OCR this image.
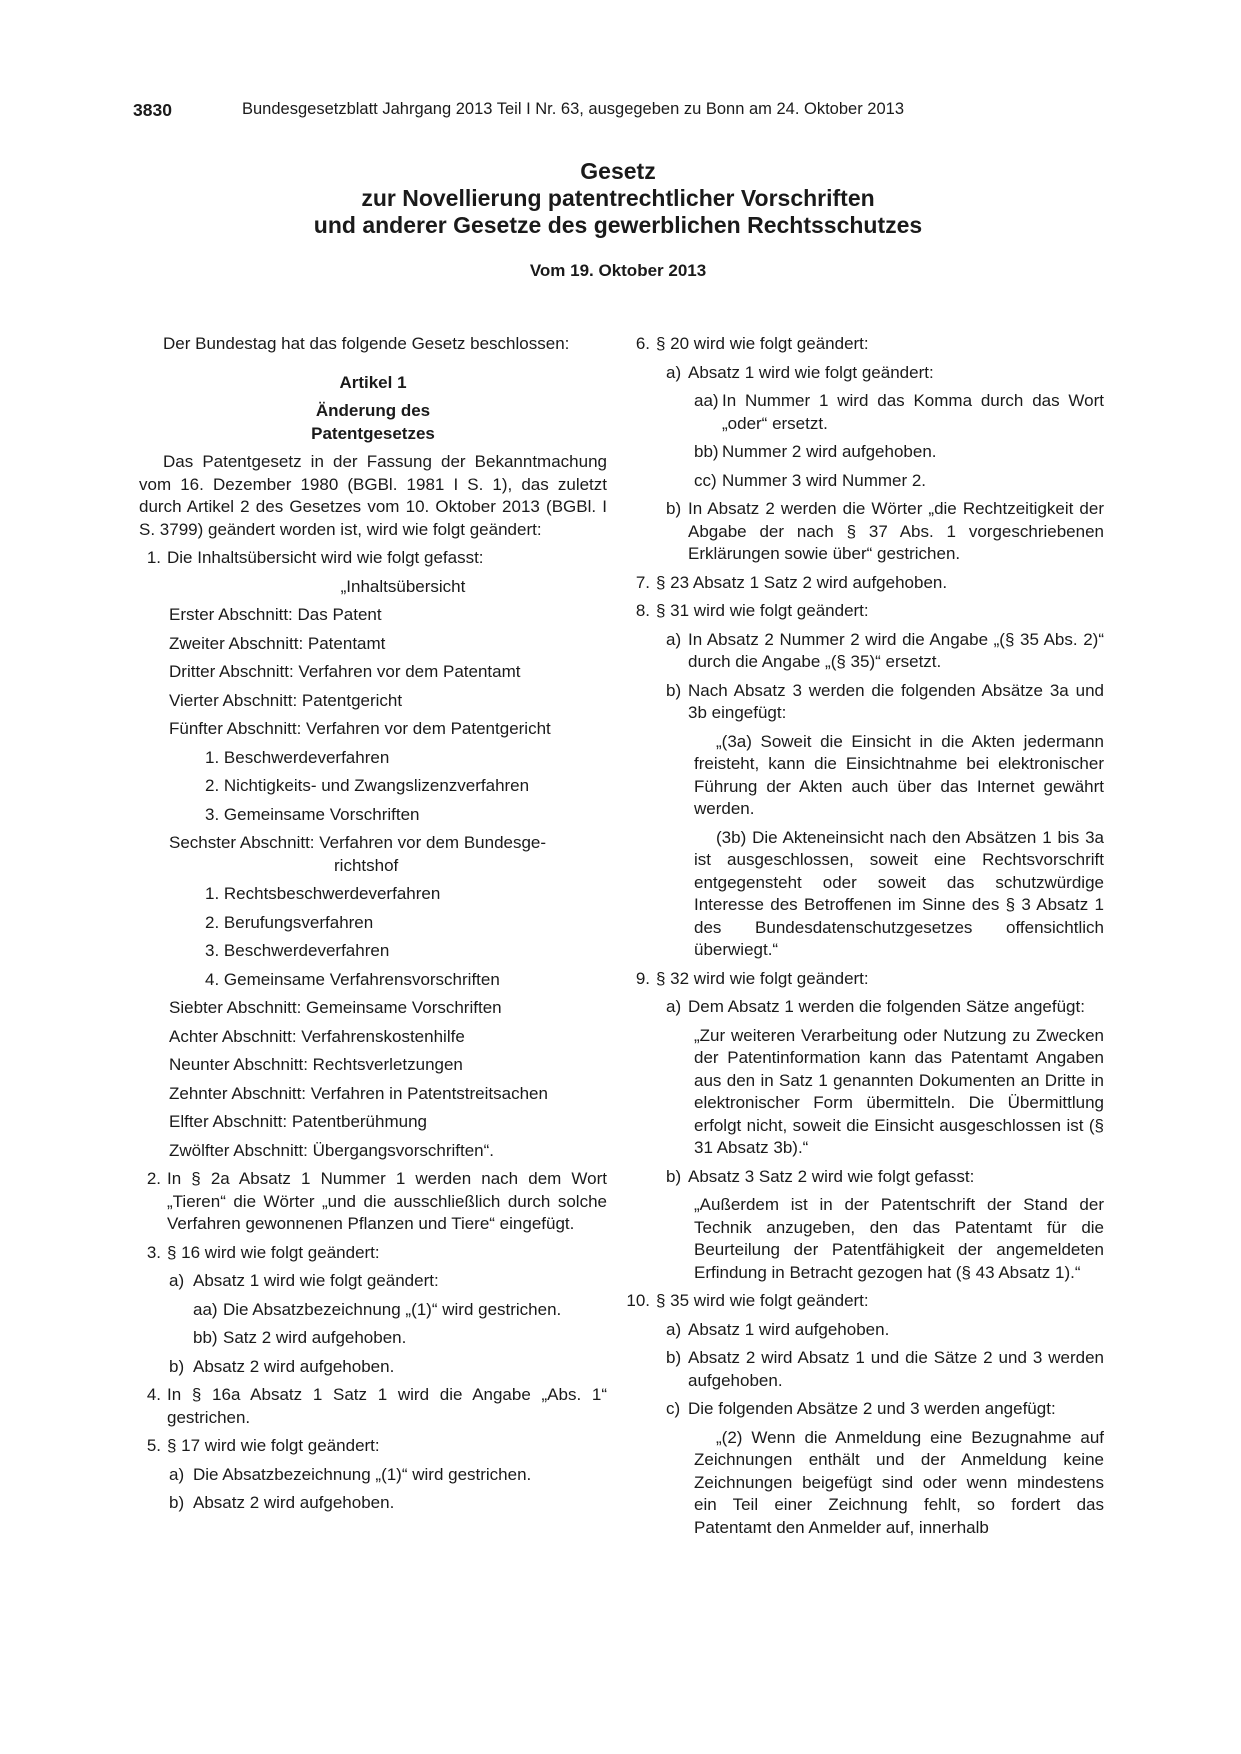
3830	Bundesgesetzblatt Jahrgang 2013 Teil I Nr. 63, ausgegeben zu Bonn am 24. Oktober 2013
Gesetz
zur Novellierung patentrechtlicher Vorschriften
und anderer Gesetze des gewerblichen Rechtsschutzes
Vom 19. Oktober 2013

Der Bundestag hat das folgende Gesetz beschlossen:

Artikel 1
Änderung des
Patentgesetzes

Das Patentgesetz in der Fassung der Bekanntmachung vom 16. Dezember 1980 (BGBl. 1981 I S. 1), das zuletzt durch Artikel 2 des Gesetzes vom 10. Oktober 2013 (BGBl. I S. 3799) geändert worden ist, wird wie folgt geändert:

1. Die Inhaltsübersicht wird wie folgt gefasst:
„Inhaltsübersicht
Erster Abschnitt: Das Patent
Zweiter Abschnitt: Patentamt
Dritter Abschnitt: Verfahren vor dem Patentamt
Vierter Abschnitt: Patentgericht
Fünfter Abschnitt: Verfahren vor dem Patentgericht
1. Beschwerdeverfahren
2. Nichtigkeits- und Zwangslizenzverfahren
3. Gemeinsame Vorschriften
Sechster Abschnitt: Verfahren vor dem Bundesge-
richtshof
1. Rechtsbeschwerdeverfahren
2. Berufungsverfahren
3. Beschwerdeverfahren
4. Gemeinsame Verfahrensvorschriften
Siebter Abschnitt: Gemeinsame Vorschriften
Achter Abschnitt: Verfahrenskostenhilfe
Neunter Abschnitt: Rechtsverletzungen
Zehnter Abschnitt: Verfahren in Patentstreitsachen
Elfter Abschnitt: Patentberühmung
Zwölfter Abschnitt: Übergangsvorschriften“.
2. In § 2a Absatz 1 Nummer 1 werden nach dem Wort „Tieren“ die Wörter „und die ausschließlich durch solche Verfahren gewonnenen Pflanzen und Tiere“ eingefügt.
3. § 16 wird wie folgt geändert:
a) Absatz 1 wird wie folgt geändert:
aa) Die Absatzbezeichnung „(1)“ wird gestrichen.
bb) Satz 2 wird aufgehoben.
b) Absatz 2 wird aufgehoben.
4. In § 16a Absatz 1 Satz 1 wird die Angabe „Abs. 1“ gestrichen.
5. § 17 wird wie folgt geändert:
a) Die Absatzbezeichnung „(1)“ wird gestrichen.
b) Absatz 2 wird aufgehoben.
6. § 20 wird wie folgt geändert:
a) Absatz 1 wird wie folgt geändert:
aa) In Nummer 1 wird das Komma durch das Wort „oder“ ersetzt.
bb) Nummer 2 wird aufgehoben.
cc) Nummer 3 wird Nummer 2.
b) In Absatz 2 werden die Wörter „die Rechtzeitigkeit der Abgabe der nach § 37 Abs. 1 vorgeschriebenen Erklärungen sowie über“ gestrichen.
7. § 23 Absatz 1 Satz 2 wird aufgehoben.
8. § 31 wird wie folgt geändert:
a) In Absatz 2 Nummer 2 wird die Angabe „(§ 35 Abs. 2)“ durch die Angabe „(§ 35)“ ersetzt.
b) Nach Absatz 3 werden die folgenden Absätze 3a und 3b eingefügt:
„(3a) Soweit die Einsicht in die Akten jedermann freisteht, kann die Einsichtnahme bei elektronischer Führung der Akten auch über das Internet gewährt werden.
(3b) Die Akteneinsicht nach den Absätzen 1 bis 3a ist ausgeschlossen, soweit eine Rechtsvorschrift entgegensteht oder soweit das schutzwürdige Interesse des Betroffenen im Sinne des § 3 Absatz 1 des Bundesdatenschutzgesetzes offensichtlich überwiegt.“
9. § 32 wird wie folgt geändert:
a) Dem Absatz 1 werden die folgenden Sätze angefügt:
„Zur weiteren Verarbeitung oder Nutzung zu Zwecken der Patentinformation kann das Patentamt Angaben aus den in Satz 1 genannten Dokumenten an Dritte in elektronischer Form übermitteln. Die Übermittlung erfolgt nicht, soweit die Einsicht ausgeschlossen ist (§ 31 Absatz 3b).“
b) Absatz 3 Satz 2 wird wie folgt gefasst:
„Außerdem ist in der Patentschrift der Stand der Technik anzugeben, den das Patentamt für die Beurteilung der Patentfähigkeit der angemeldeten Erfindung in Betracht gezogen hat (§ 43 Absatz 1).“
10. § 35 wird wie folgt geändert:
a) Absatz 1 wird aufgehoben.
b) Absatz 2 wird Absatz 1 und die Sätze 2 und 3 werden aufgehoben.
c) Die folgenden Absätze 2 und 3 werden angefügt:
„(2) Wenn die Anmeldung eine Bezugnahme auf Zeichnungen enthält und der Anmeldung keine Zeichnungen beigefügt sind oder wenn mindestens ein Teil einer Zeichnung fehlt, so fordert das Patentamt den Anmelder auf, innerhalb
